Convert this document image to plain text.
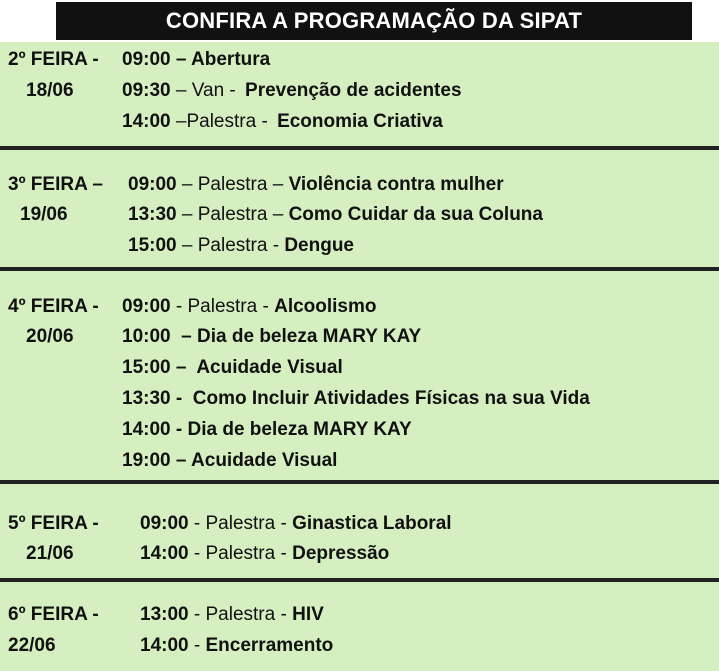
CONFIRA A PROGRAMAÇÃO DA SIPAT
2º FEIRA -
18/06
09:00 – Abertura
09:30 – Van - Prevenção de acidentes
14:00 –Palestra - Economia Criativa
3º FEIRA –
19/06
09:00 – Palestra – Violência contra mulher
13:30 – Palestra – Como Cuidar da sua Coluna
15:00 – Palestra - Dengue
4º FEIRA -
20/06
09:00 - Palestra - Alcoolismo
10:00  – Dia de beleza MARY KAY
15:00 –  Acuidade Visual
13:30 -  Como Incluir Atividades Físicas na sua Vida
14:00 - Dia de beleza MARY KAY
19:00 – Acuidade Visual
5º FEIRA -
21/06
09:00 - Palestra - Ginastica Laboral
14:00 - Palestra - Depressão
6º FEIRA -
22/06
13:00 - Palestra - HIV
14:00 - Encerramento
